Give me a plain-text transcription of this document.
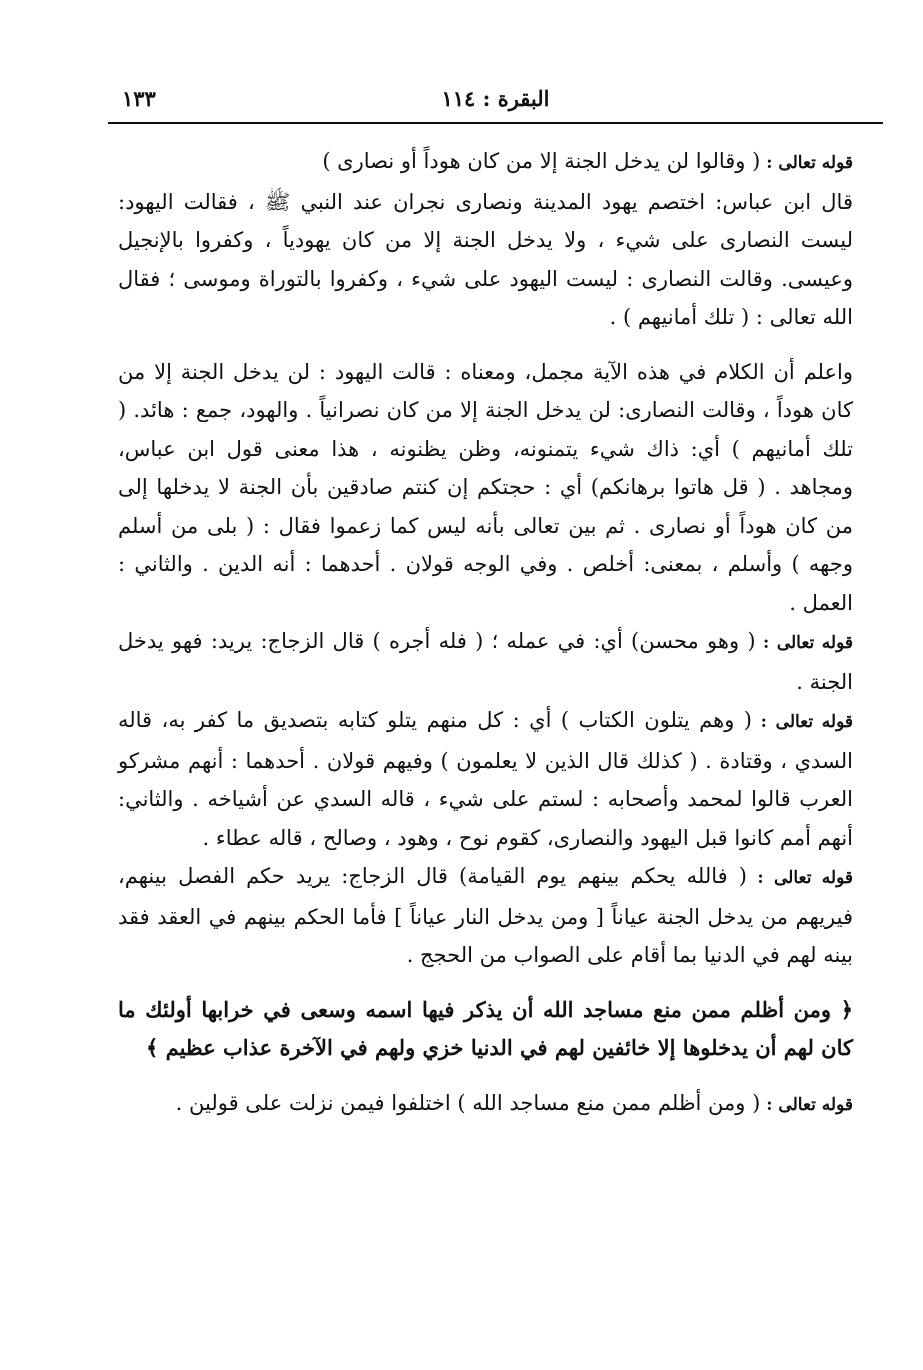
١٣٣	البقرة : ١١٤

قوله تعالى : ( وقالوا لن يدخل الجنة إلا من كان هوداً أو نصارى )

قال ابن عباس: اختصم يهود المدينة ونصارى نجران عند النبي ﷺ ، فقالت اليهود: ليست النصارى على شيء ، ولا يدخل الجنة إلا من كان يهودياً ، وكفروا بالإنجيل وعيسى. وقالت النصارى : ليست اليهود على شيء ، وكفروا بالتوراة وموسى ؛ فقال الله تعالى : ( تلك أمانيهم ) .

واعلم أن الكلام في هذه الآية مجمل، ومعناه : قالت اليهود : لن يدخل الجنة إلا من كان هوداً ، وقالت النصارى: لن يدخل الجنة إلا من كان نصرانياً . والهود، جمع : هائد. ( تلك أمانيهم ) أي: ذاك شيء يتمنونه، وظن يظنونه ، هذا معنى قول ابن عباس، ومجاهد . ( قل هاتوا برهانكم) أي : حجتكم إن كنتم صادقين بأن الجنة لا يدخلها إلى من كان هوداً أو نصارى . ثم بين تعالى بأنه ليس كما زعموا فقال : ( بلى من أسلم وجهه ) وأسلم ، بمعنى: أخلص . وفي الوجه قولان . أحدهما : أنه الدين . والثاني : العمل .

قوله تعالى : ( وهو محسن) أي: في عمله ؛ ( فله أجره ) قال الزجاج: يريد: فهو يدخل الجنة .

قوله تعالى : ( وهم يتلون الكتاب ) أي : كل منهم يتلو كتابه بتصديق ما كفر به، قاله السدي ، وقتادة . ( كذلك قال الذين لا يعلمون ) وفيهم قولان . أحدهما : أنهم مشركو العرب قالوا لمحمد وأصحابه : لستم على شيء ، قاله السدي عن أشياخه . والثاني: أنهم أمم كانوا قبل اليهود والنصارى، كقوم نوح ، وهود ، وصالح ، قاله عطاء .

قوله تعالى : ( فالله يحكم بينهم يوم القيامة) قال الزجاج: يريد حكم الفصل بينهم، فيريهم من يدخل الجنة عياناً [ ومن يدخل النار عياناً ] فأما الحكم بينهم في العقد فقد بينه لهم في الدنيا بما أقام على الصواب من الحجج .

﴿ ومن أظلم ممن منع مساجد الله أن يذكر فيها اسمه وسعى في خرابها أولئك ما كان لهم أن يدخلوها إلا خائفين لهم في الدنيا خزي ولهم في الآخرة عذاب عظيم ﴾

قوله تعالى : ( ومن أظلم ممن منع مساجد الله ) اختلفوا فيمن نزلت على قولين .
